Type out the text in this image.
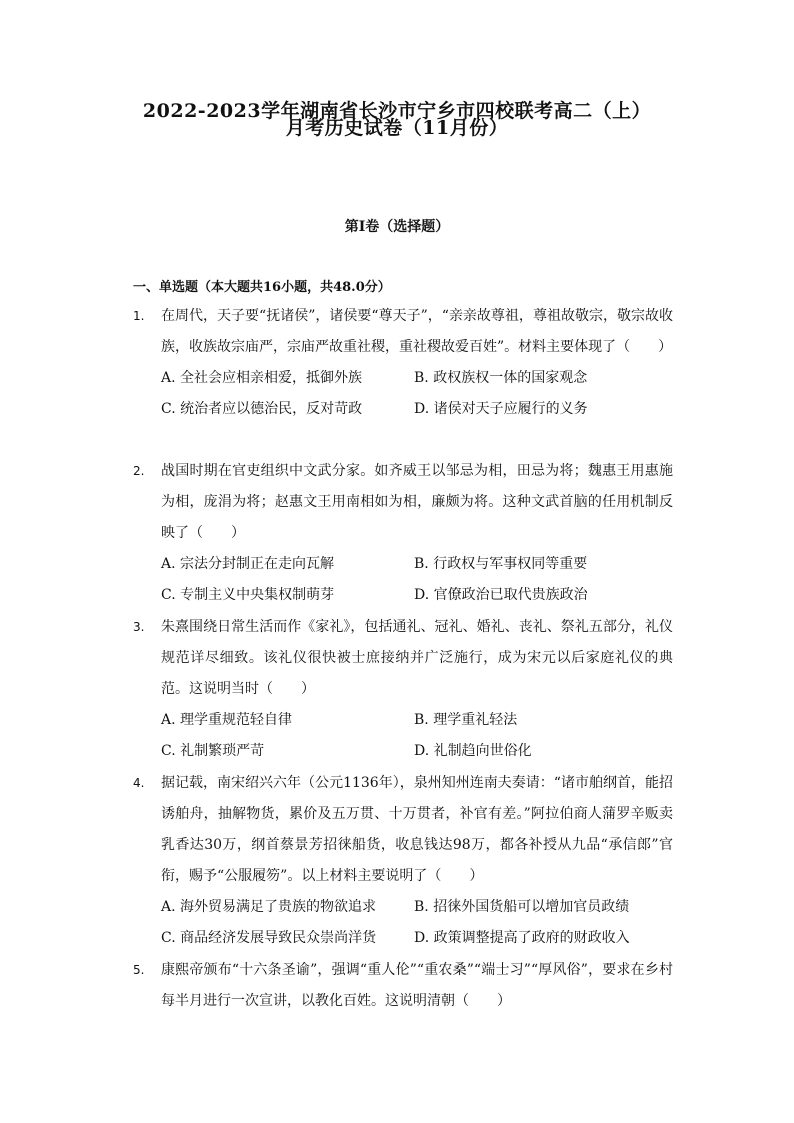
2022-2023学年湖南省长沙市宁乡市四校联考高二（上）
月考历史试卷（11月份）
第I卷（选择题）
一、单选题（本大题共16小题，共48.0分）
1. 在周代，天子要“抚诸侯”，诸侯要“尊天子”，“亲亲故尊祖，尊祖故敬宗，敬宗故收族，收族故宗庙严，宗庙严故重社稷，重社稷故爱百姓”。材料主要体现了（　　）
A. 全社会应相亲相爱，抵御外族	B. 政权族权一体的国家观念
C. 统治者应以德治民，反对苛政	D. 诸侯对天子应履行的义务
2. 战国时期在官吏组织中文武分家。如齐威王以邹忌为相，田忌为将；魏惠王用惠施为相，庞涓为将；赵惠文王用南相如为相，廉颇为将。这种文武首脑的任用机制反映了（　　）
A. 宗法分封制正在走向瓦解	B. 行政权与军事权同等重要
C. 专制主义中央集权制萌芽	D. 官僚政治已取代贵族政治
3. 朱熹围绕日常生活而作《家礼》，包括通礼、冠礼、婚礼、丧礼、祭礼五部分，礼仪规范详尽细致。该礼仪很快被士庶接纳并广泛施行，成为宋元以后家庭礼仪的典范。这说明当时（　　）
A. 理学重规范轻自律	B. 理学重礼轻法
C. 礼制繁琐严苛	D. 礼制趋向世俗化
4. 据记载，南宋绍兴六年（公元1136年），泉州知州连南夫奏请：“诸市舶纲首，能招诱舶舟，抽解物货，累价及五万贯、十万贯者，补官有差。”阿拉伯商人蒲罗辛贩卖乳香达30万，纲首蔡景芳招徕船货，收息钱达98万，都各补授从九品“承信郎”官衔，赐予“公服履笏”。以上材料主要说明了（　　）
A. 海外贸易满足了贵族的物欲追求	B. 招徕外国货船可以增加官员政绩
C. 商品经济发展导致民众崇尚洋货	D. 政策调整提高了政府的财政收入
5. 康熙帝颁布“十六条圣谕”，强调“重人伦”“重农桑”“端士习”“厚风俗”，要求在乡村每半月进行一次宣讲，以教化百姓。这说明清朝（　　）
